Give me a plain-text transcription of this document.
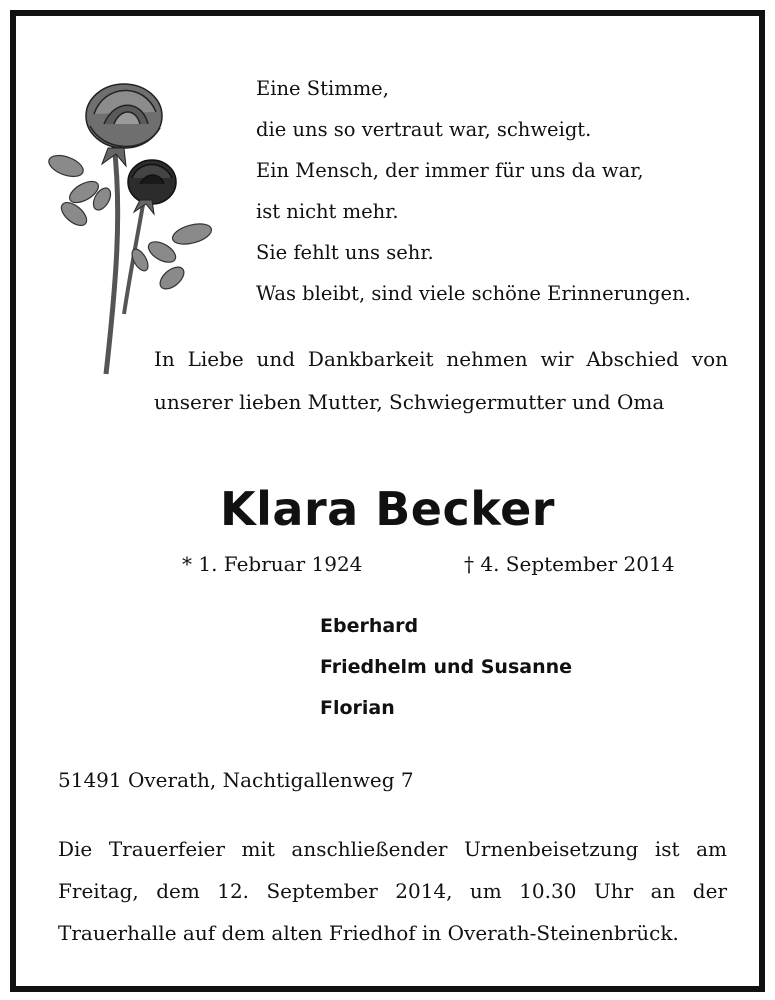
Eine Stimme,
die uns so vertraut war, schweigt.
Ein Mensch, der immer für uns da war,
ist nicht mehr.
Sie fehlt uns sehr.
Was bleibt, sind viele schöne Erinnerungen.
In Liebe und Dankbarkeit nehmen wir Abschied von unserer lieben Mutter, Schwiegermutter und Oma
Klara Becker
* 1. Februar 1924	† 4. September 2014
Eberhard
Friedhelm und Susanne
Florian
51491 Overath, Nachtigallenweg 7
Die Trauerfeier mit anschließender Urnenbeisetzung ist am Freitag, dem 12. September 2014, um 10.30 Uhr an der Trauerhalle auf dem alten Friedhof in Overath-Steinenbrück.
